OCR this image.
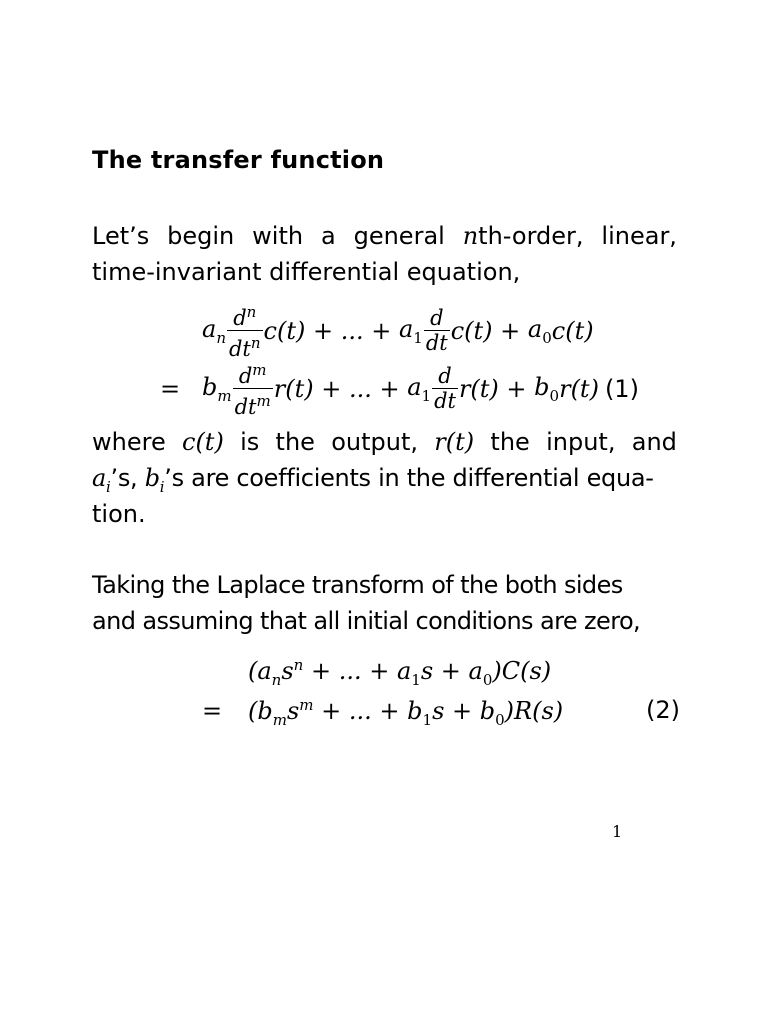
The transfer function
Let’s begin with a general nth-order, linear,
time-invariant differential equation,
$a_n \frac{d^n}{dt^n} c(t)$ + ... + $a_1 \frac{d}{dt} c(t) + a_0$ c(t)
= $b_m \frac{d^m}{dt^m} r(t)$ + ... + $a_1 \frac{d}{dt} r(t) + b_0$ r(t) (1)
where c(t) is the output, r(t) the input, and
$a_i’s$, $b_i’s$ are coefficients in the differential equa-
tion.
Taking the Laplace transform of the both sides
and assuming that all initial conditions are zero,
($a_ns^n$ + ... + $a_1s + a_0)C(s)$
= ($b_ms^m$ + ... + $b_1s + b_0)R(s)$	(2)
1
